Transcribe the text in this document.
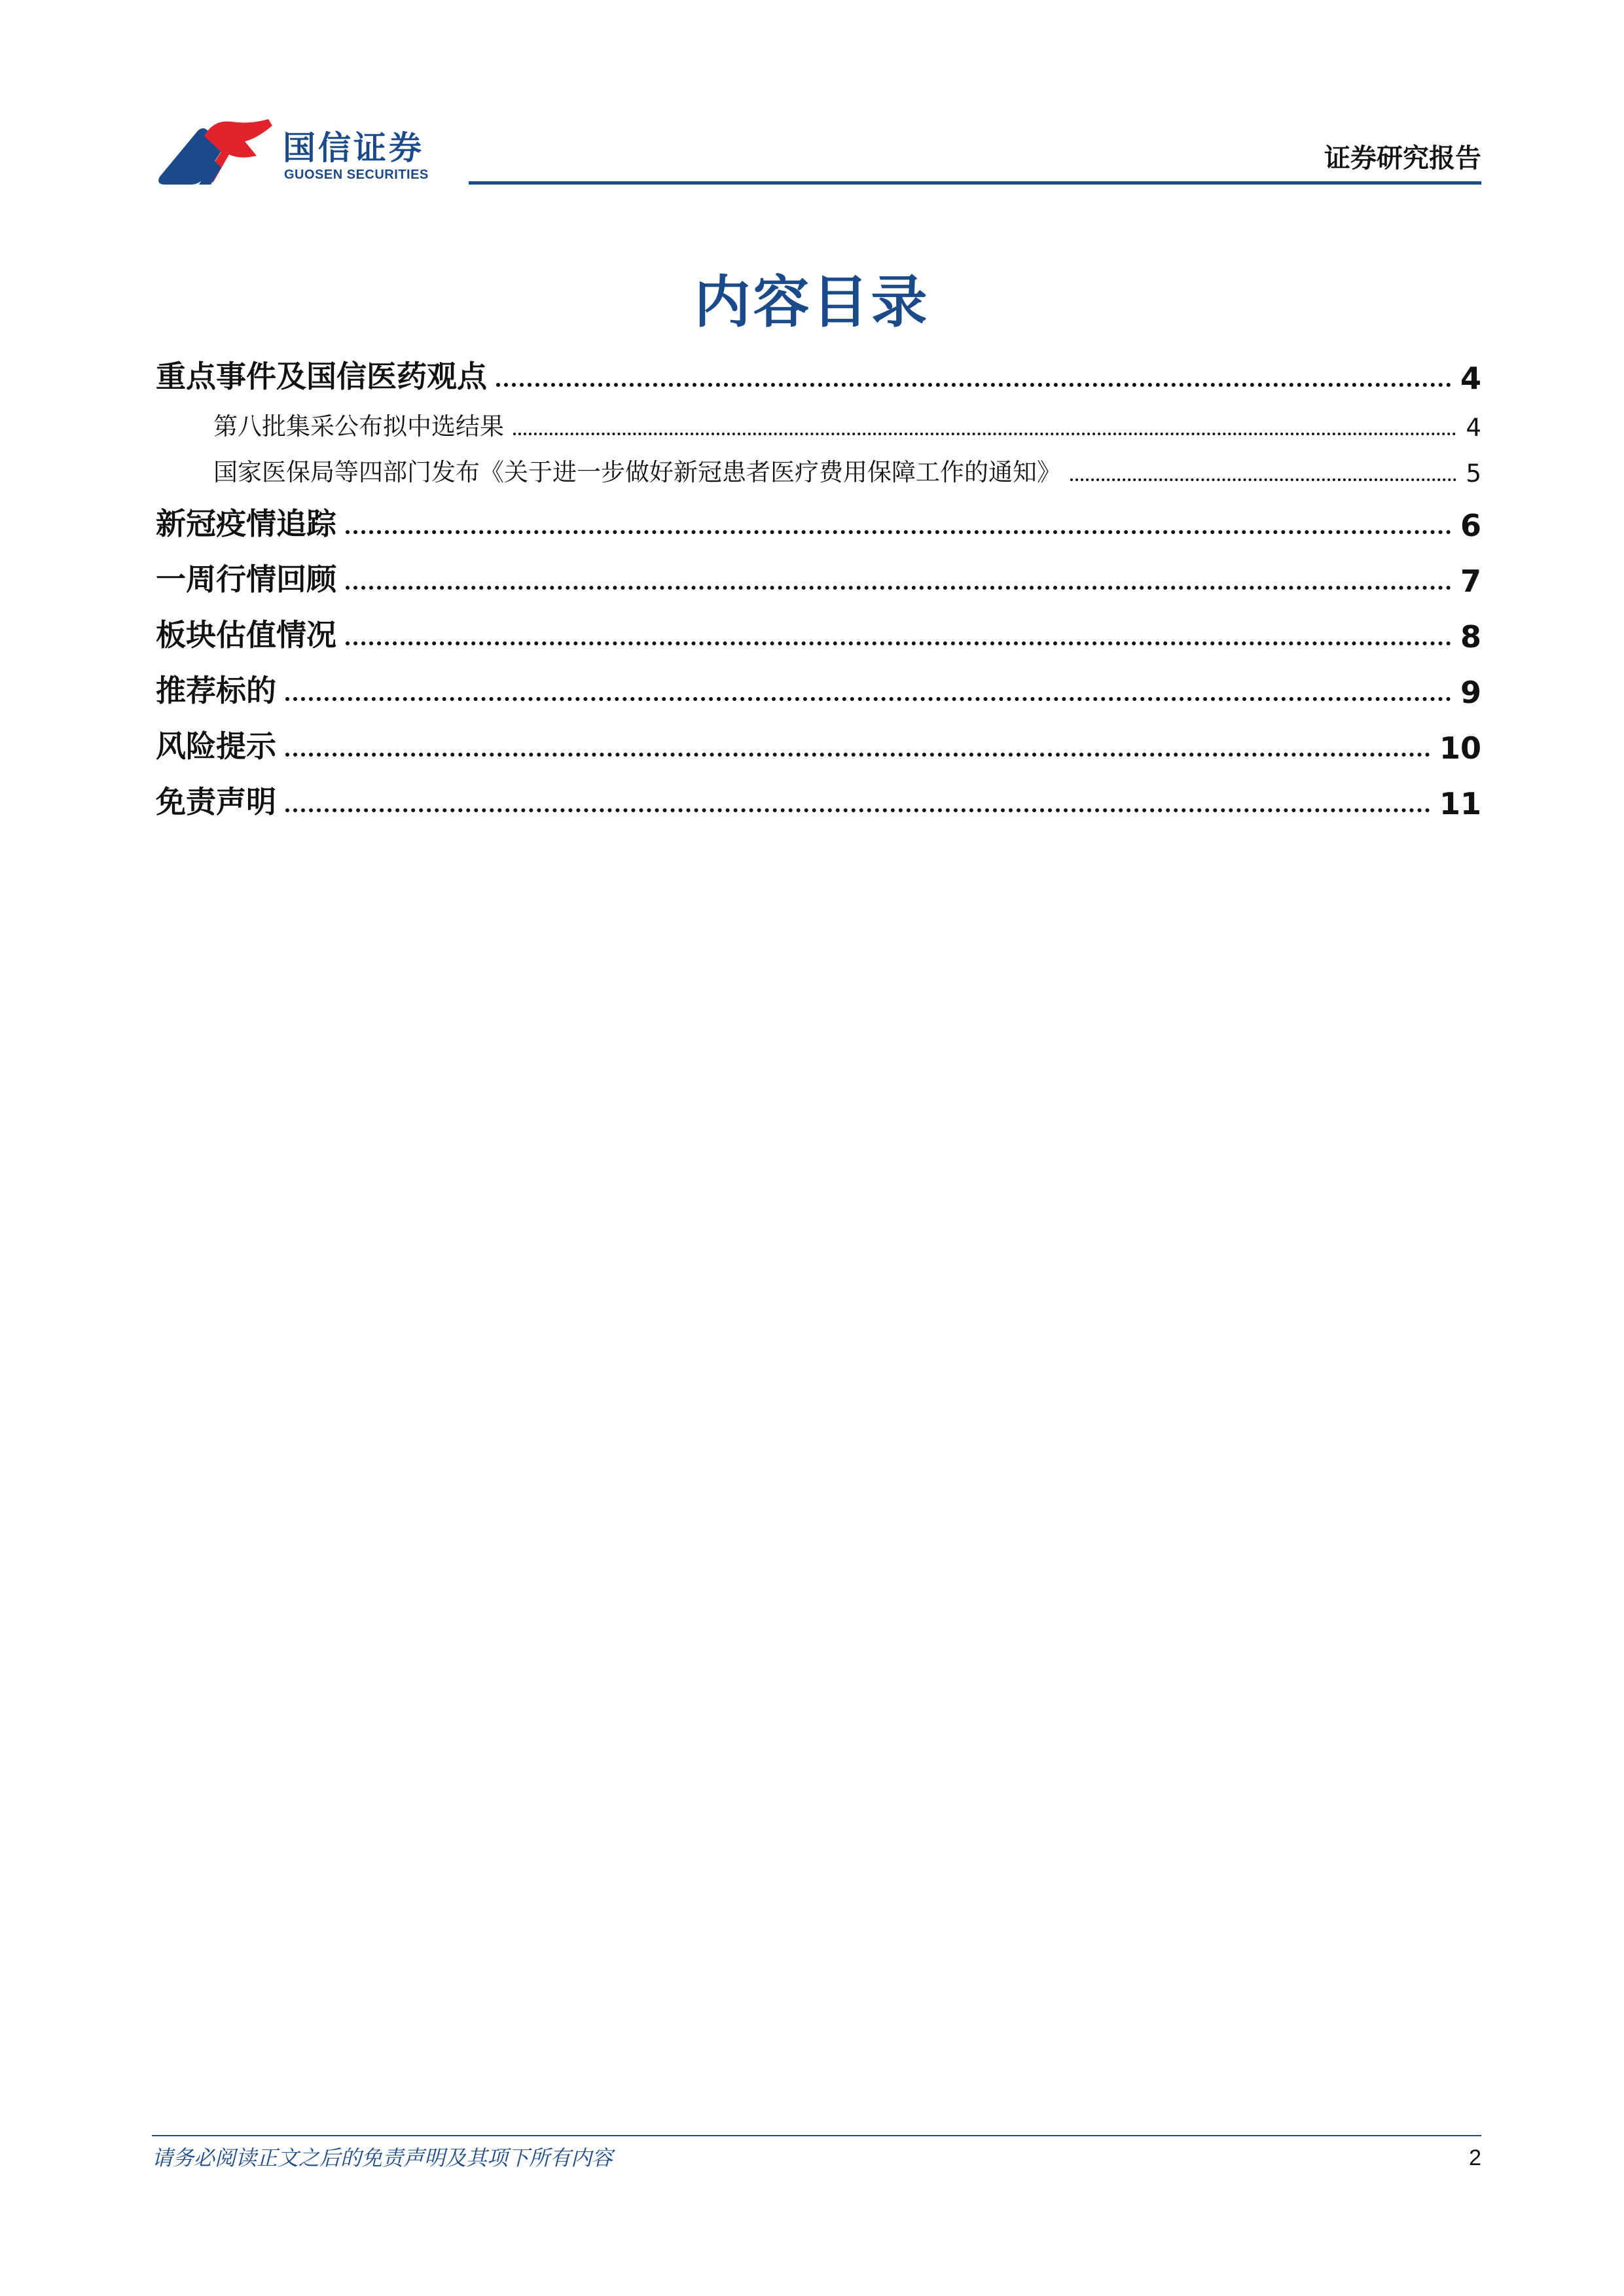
国信证券
GUOSEN SECURITIES
证券研究报告
内容目录
重点事件及国信医药观点	4
第八批集采公布拟中选结果	4
国家医保局等四部门发布《关于进一步做好新冠患者医疗费用保障工作的通知》	5
新冠疫情追踪	6
一周行情回顾	7
板块估值情况	8
推荐标的	9
风险提示	10
免责声明	11
请务必阅读正文之后的免责声明及其项下所有内容	2
